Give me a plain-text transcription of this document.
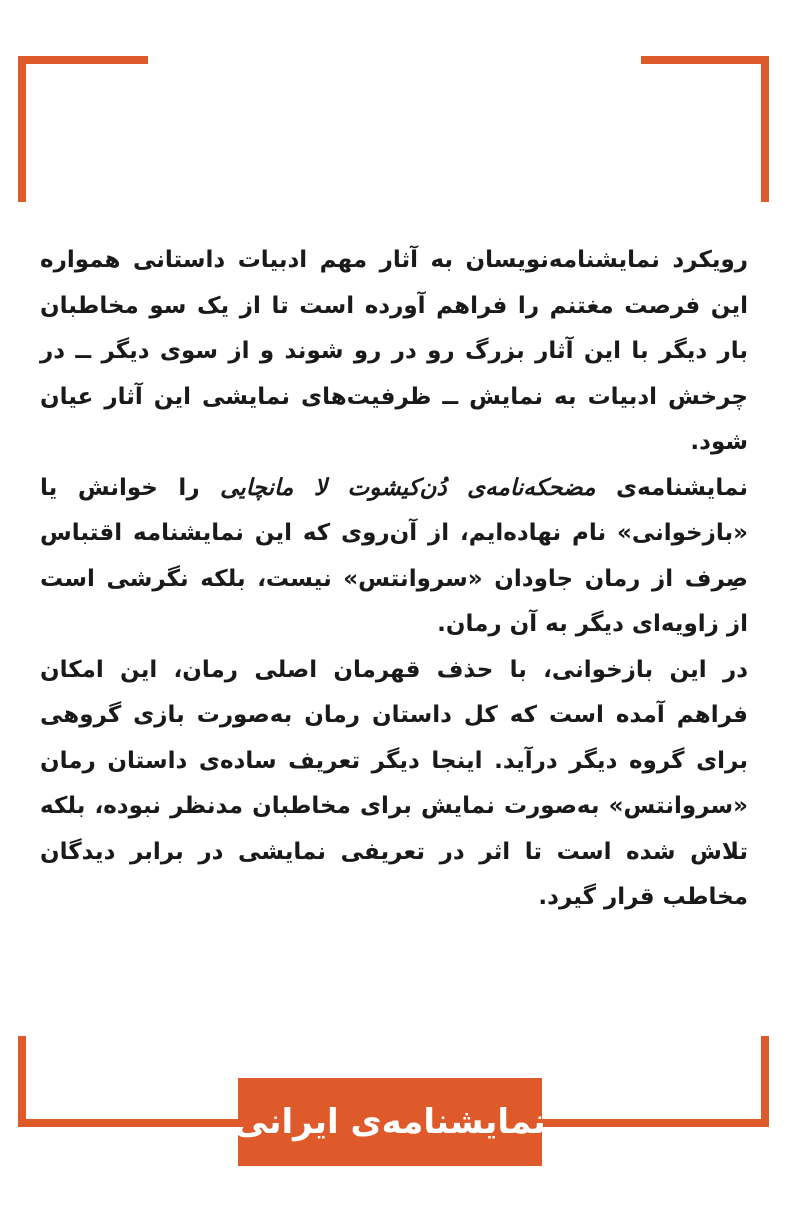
رویکرد نمایشنامه‌نویسان به آثار مهم ادبیات داستانی همواره این فرصت مغتنم را فراهم آورده است تا از یک سو مخاطبان بار دیگر با این آثار بزرگ رو در رو شوند و از سوی دیگر ــ در چرخش ادبیات به نمایش ــ ظرفیت‌های نمایشی این آثار عیان شود.

نمایشنامه‌ی مضحکه‌نامه‌ی دُن‌کیشوت لا مانچایی را خوانش یا «بازخوانی» نام نهاده‌ایم، از آن‌روی که این نمایشنامه اقتباس صِرف از رمان جاودان «سروانتس» نیست، بلکه نگرشی است از زاویه‌ای دیگر به آن رمان.

در این بازخوانی، با حذف قهرمان اصلی رمان، این امکان فراهم آمده است که کل داستان رمان به‌صورت بازی گروهی برای گروه دیگر درآید. اینجا دیگر تعریف ساده‌ی داستان رمان «سروانتس» به‌صورت نمایش برای مخاطبان مدنظر نبوده، بلکه تلاش شده است تا اثر در تعریفی نمایشی در برابر دیدگان مخاطب قرار گیرد.

نمایشنامه‌ی ایرانی
